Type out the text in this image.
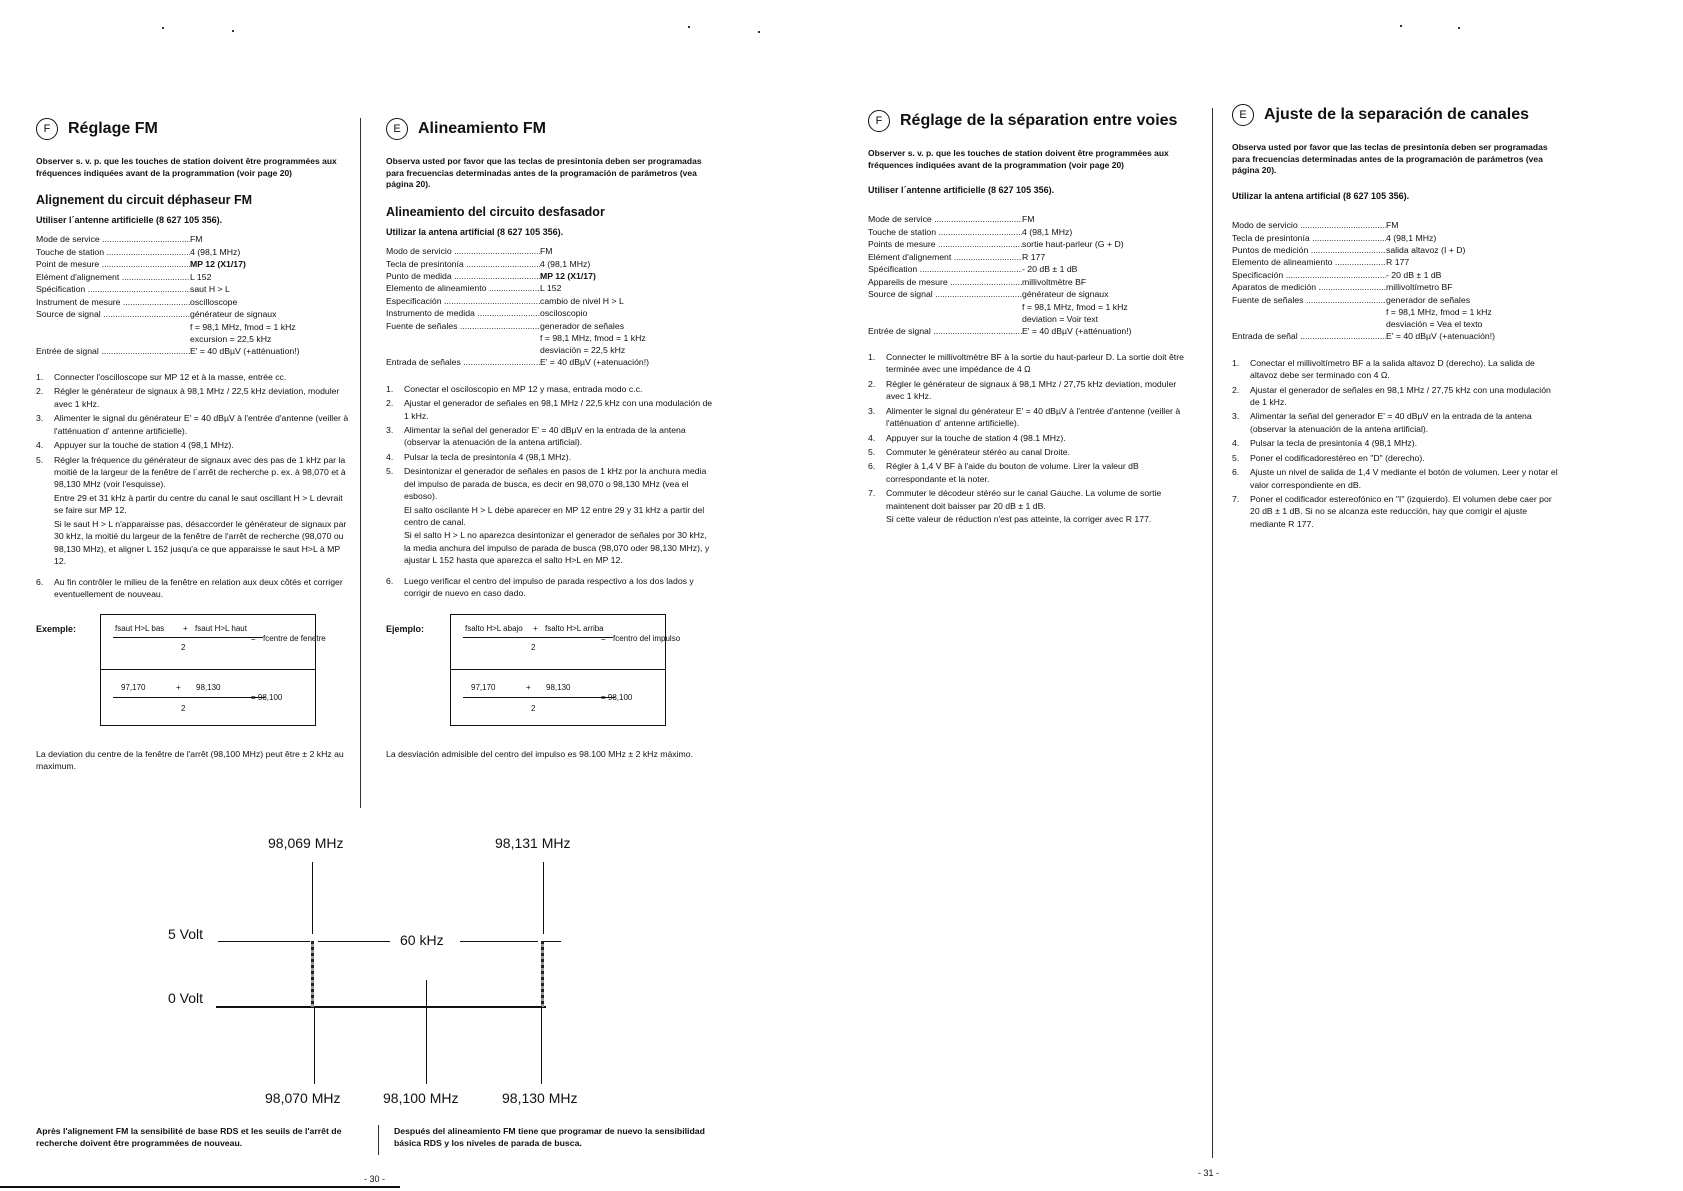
F	Réglage FM
Observer s. v. p. que les touches de station doivent être programmées aux fréquences indiquées avant de la programmation (voir page 20)
Alignement du circuit déphaseur FM
Utiliser l´antenne artificielle (8 627 105 356).
Mode de service .....	FM
Touche de station .....	4 (98,1 MHz)
Point de mesure .....	MP 12 (X1/17)
Elément d'alignement .....	L 152
Spécification .....	saut H > L
Instrument de mesure .....	oscilloscope
Source de signal .....	générateur de signaux
f = 98,1 MHz, fmod = 1 kHz
excursion = 22,5 kHz
Entrée de signal .....	E' = 40 dBµV (+atténuation!)
1.	Connecter l'oscilloscope sur MP 12 et à la masse, entrée cc.
2.	Régler le générateur de signaux à 98,1 MHz / 22,5 kHz deviation, moduler avec 1 kHz.
3.	Alimenter le signal du générateur E' = 40 dBµV à l'entrée d'antenne (veiller à l'atténuation d' antenne artificielle).
4.	Appuyer sur la touche de station 4 (98,1 MHz).
5.	Régler la fréquence du générateur de signaux avec des pas de 1 kHz par la moitié de la largeur de la fenêtre de l´arrêt de recherche p. ex. à 98,070 et à 98,130 MHz (voir l'esquisse).
Entre 29 et 31 kHz à partir du centre du canal le saut oscillant H > L devrait se faire sur MP 12.
Si le saut H > L n'apparaisse pas, désaccorder le générateur de signaux par 30 kHz, la moitié du largeur de la fenêtre de l'arrêt de recherche (98,070 ou 98,130 MHz), et aligner L 152 jusqu'a ce que apparaisse le saut H>L à MP 12.
6.	Au fin contrôler le milieu de la fenêtre en relation aux deux côtés et corriger eventuellement de nouveau.
Exemple:	fsaut H>L bas + fsaut H>L haut
2
= fcentre de fenetre
97,170	+ 98,130
2
= 98,100
La deviation du centre de la fenêtre de l'arrêt (98,100 MHz) peut être ± 2 kHz au maximum.
E	Alineamiento FM
Observa usted por favor que las teclas de presintonía deben ser programadas para frecuencias determinadas antes de la programación de parámetros (vea página 20).
Alineamiento del circuito desfasador
Utilizar la antena artificial (8 627 105 356).
Modo de servicio .....	FM
Tecla de presintonía .....	4 (98,1 MHz)
Punto de medida .....	MP 12 (X1/17)
Elemento de alineamiento .....	L 152
Especificación .....	cambio de nivel H > L
Instrumento de medida .....	osciloscopio
Fuente de señales .....	generador de señales
f = 98,1 MHz, fmod = 1 kHz
desviación = 22,5 kHz
Entrada de señales .....	E' = 40 dBµV (+atenuación!)
1.	Conectar el osciloscopio en MP 12 y masa, entrada modo c.c.
2.	Ajustar el generador de señales en 98,1 MHz / 22,5 kHz con una modulación de 1 kHz.
3.	Alimentar la señal del generador E' = 40 dBµV en la entrada de la antena (observar la atenuación de la antena artificial).
4.	Pulsar la tecla de presintonía 4 (98,1 MHz).
5.	Desintonizar el generador de señales en pasos de 1 kHz por la anchura media del impulso de parada de busca, es decir en 98,070 o 98,130 MHz (vea el esboso).
El salto oscilante H > L debe aparecer en MP 12 entre 29 y 31 kHz a partir del centro de canal.
Si el salto H > L no aparezca desintonizar el generador de señales por 30 kHz, la media anchura del impulso de parada de busca (98,070 oder 98,130 MHz), y ajustar L 152 hasta que aparezca el salto H>L en MP 12.
6.	Luego verificar el centro del impulso de parada respectivo a los dos lados y corrigir de nuevo en caso dado.
Ejemplo:	fsalto H>L abajo + fsalto H>L arriba
2
= fcentro del impulso
97,170	+ 98,130
2
= 98,100
La desviación admisible del centro del impulso es 98.100 MHz ± 2 kHz máximo.
98,069 MHz	98,131 MHz
5 Volt
0 Volt
60 kHz
98,070 MHz	98,100 MHz	98,130 MHz
Après l'alignement FM la sensibilité de base RDS et les seuils de l'arrêt de recherche doivent être programmées de nouveau.
Después del alineamiento FM tiene que programar de nuevo la sensibilidad básica RDS y los niveles de parada de busca.
- 30 -
F	Réglage de la séparation entre voies
Observer s. v. p. que les touches de station doivent être programmées aux fréquences indiquées avant de la programmation (voir page 20)
Utiliser l´antenne artificielle (8 627 105 356).
Mode de service .....	FM
Touche de station .....	4 (98,1 MHz)
Points de mesure .....	sortie haut-parleur (G + D)
Elément d'alignement .....	R 177
Spécification .....	- 20 dB ± 1 dB
Appareils de mesure .....	millivoltmètre BF
Source de signal .....	générateur de signaux
f = 98,1 MHz, fmod = 1 kHz
deviation = Voir text
Entrée de signal .....	E' = 40 dBµV (+atténuation!)
1.	Connecter le millivoltmètre BF à la sortie du haut-parleur D. La sortie doit être terminée avec une impédance de 4 Ω
2.	Régler le générateur de signaux à 98,1 MHz / 27,75 kHz deviation, moduler avec 1 kHz.
3.	Alimenter le signal du générateur E' = 40 dBµV à l'entrée d'antenne (veiller à l'atténuation d' antenne artificielle).
4.	Appuyer sur la touche de station 4 (98.1 MHz).
5.	Commuter le générateur stéréo au canal Droite.
6.	Régler à 1,4 V BF à l'aide du bouton de volume. Lirer la valeur dB correspondante et la noter.
7.	Commuter le décodeur stéréo sur le canal Gauche. La volume de sortie maintenent doit baisser par 20 dB ± 1 dB.
Si cette valeur de réduction n'est pas atteinte, la corriger avec R 177.
E	Ajuste de la separación de canales
Observa usted por favor que las teclas de presintonía deben ser programadas para frecuencias determinadas antes de la programación de parámetros (vea página 20).
Utilizar la antena artificial (8 627 105 356).
Modo de servicio .....	FM
Tecla de presintonía .....	4 (98,1 MHz)
Puntos de medición .....	salida altavoz (I + D)
Elemento de alineamiento .....	R 177
Specificación .....	- 20 dB ± 1 dB
Aparatos de medición .....	millivoltímetro BF
Fuente de señales .....	generador de señales
f = 98,1 MHz, fmod = 1 kHz
desviación = Vea el texto
Entrada de señal .....	E' = 40 dBµV (+atenuación!)
1.	Conectar el millivoltímetro BF a la salida altavoz D (derecho). La salida de altavoz debe ser terminado con 4 Ω.
2.	Ajustar el generador de señales en 98,1 MHz / 27,75 kHz con una modulación de 1 kHz.
3.	Alimentar la señal del generador E' = 40 dBµV en la entrada de la antena (observar la atenuación de la antena artificial).
4.	Pulsar la tecla de presintonía 4 (98,1 MHz).
5.	Poner el codificadorestéreo en "D" (derecho).
6.	Ajuste un nivel de salida de 1,4 V mediante el botón de volumen. Leer y notar el valor correspondiente en dB.
7.	Poner el codificador estereofónico en "I" (izquierdo). El volumen debe caer por 20 dB ± 1 dB. Si no se alcanza este reducción, hay que corrigir el ajuste mediante R 177.
- 31 -
